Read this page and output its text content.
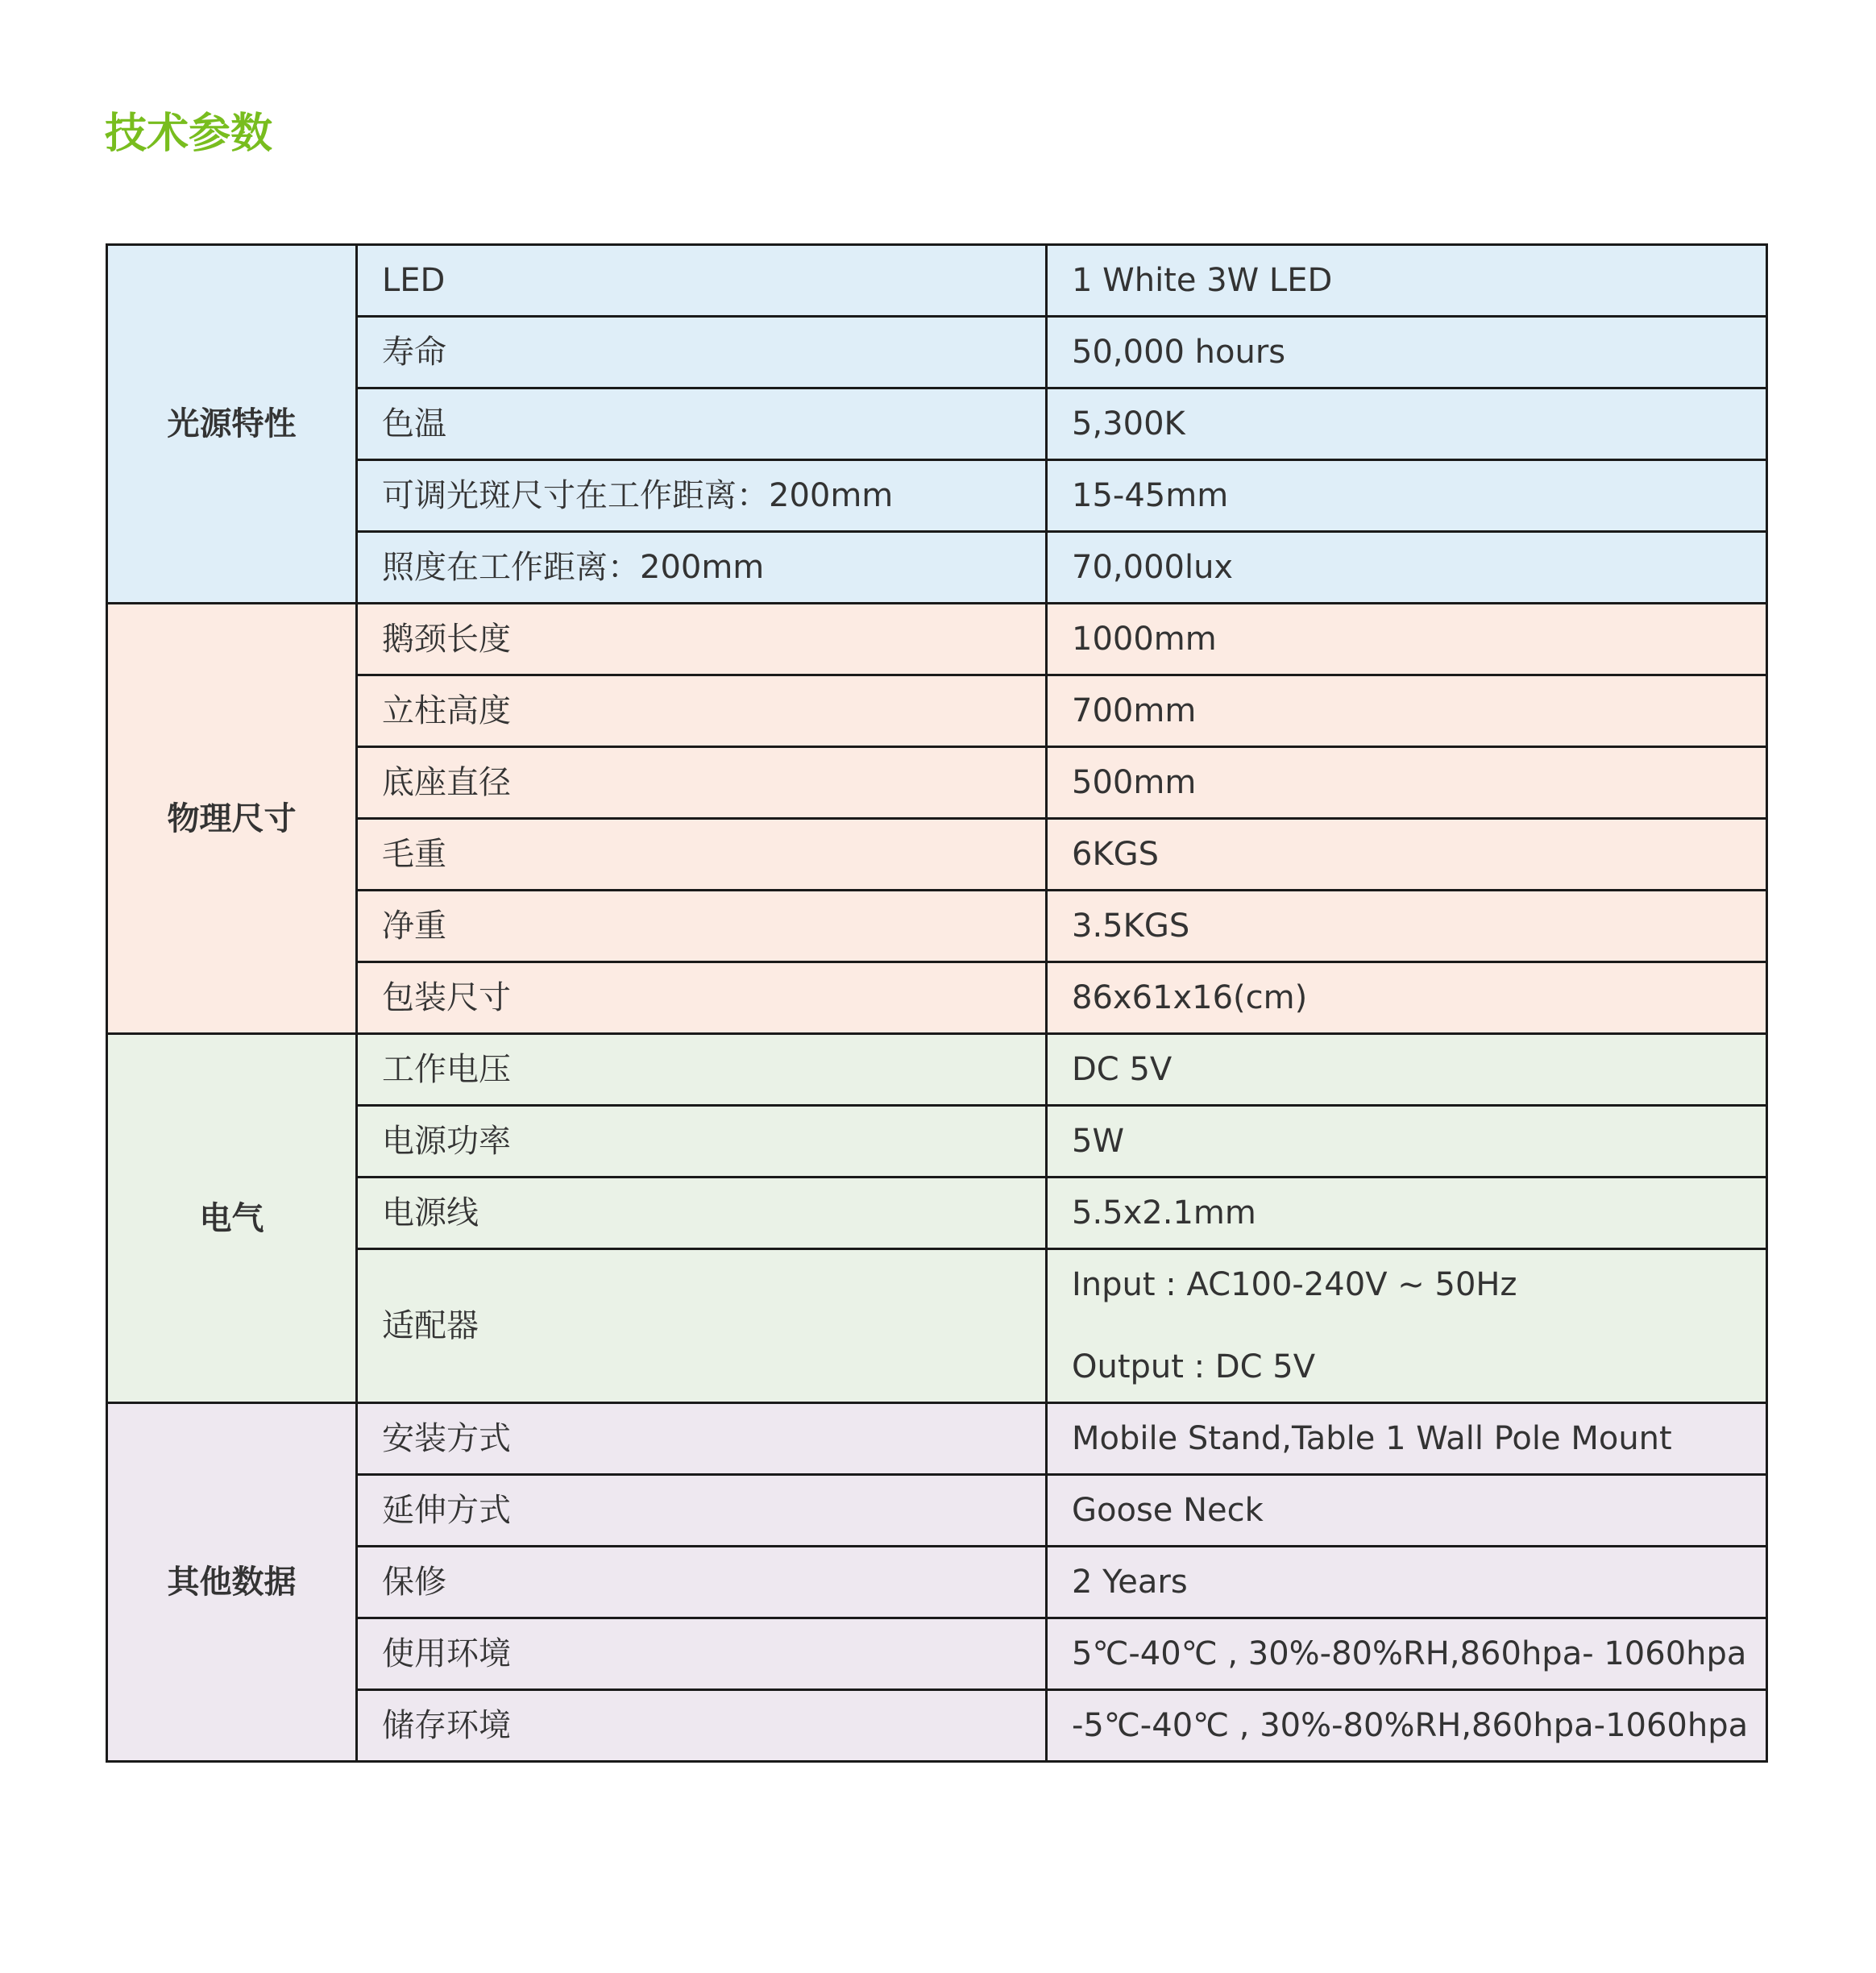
技术参数
光源特性	LED	1 White 3W LED
	寿命	50,000 hours
	色温	5,300K
	可调光斑尺寸在工作距离：200mm	15-45mm
	照度在工作距离：200mm	70,000lux
物理尺寸	鹅颈长度	1000mm
	立柱高度	700mm
	底座直径	500mm
	毛重	6KGS
	净重	3.5KGS
	包装尺寸	86x61x16(cm)
电气	工作电压	DC 5V
	电源功率	5W
	电源线	5.5x2.1mm
	适配器	Input : AC100-240V ~ 50Hz
Output : DC 5V

其他数据	安装方式	Mobile Stand,Table 1 Wall Pole Mount
	延伸方式	Goose Neck
	保修	2 Years
	使用环境	5℃-40℃ , 30%-80%RH,860hpa- 1060hpa
	储存环境	-5℃-40℃ , 30%-80%RH,860hpa-1060hpa
